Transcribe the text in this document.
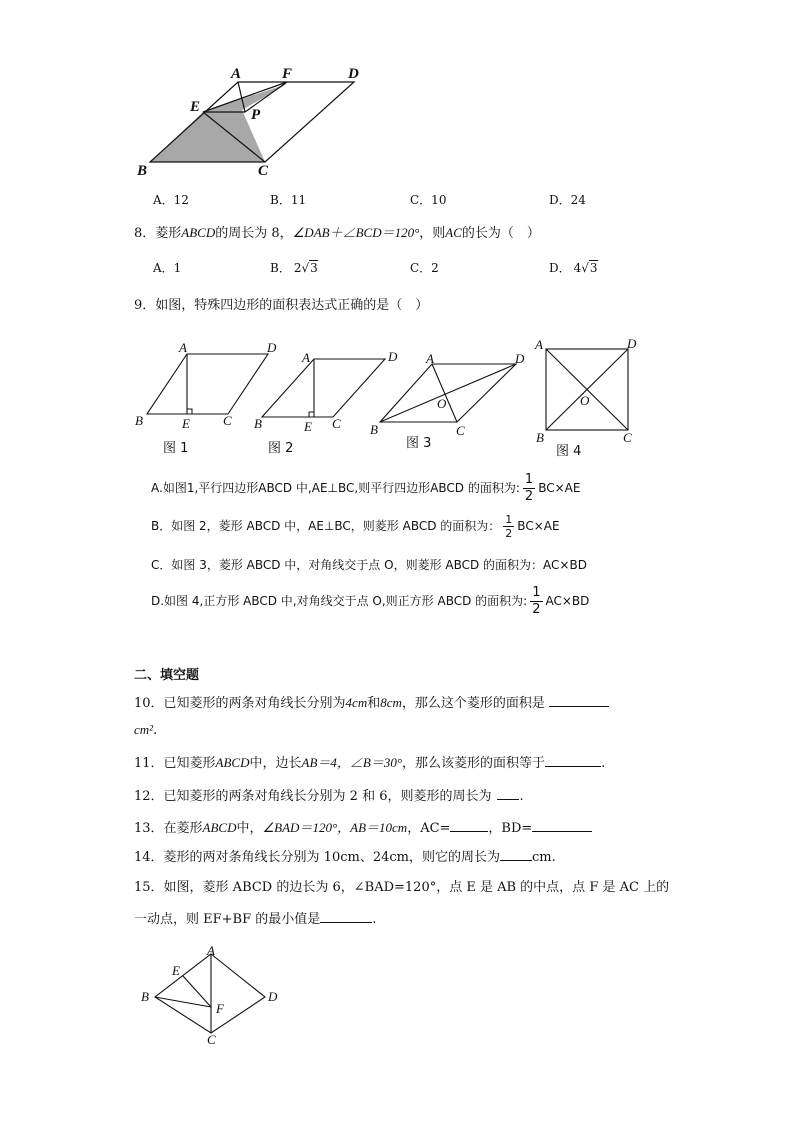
A	F	D
E	P
B	C
A．12	B．11	C．10	D．24
8．菱形ABCD的周长为 8，∠DAB＋∠BCD＝120°，则AC的长为（　）
A．1	B． 2√3	C．2	D． 4√3
9．如图，特殊四边形的面积表达式正确的是（　）
A	D
B	E	C
图 1
A	D
B	E C
图 2
A	D
O
B	C
图 3
A	D
O
B	C
图 4
A.如图1,平行四边形ABCD 中,AE⊥BC,则平行四边形ABCD 的面积为: $\frac{1}{2} BC\times AE$
B．如图 2，菱形 ABCD 中，AE⊥BC，则菱形 ABCD 的面积为： $\frac{1}{2} BC\times AE$
C．如图 3，菱形 ABCD 中，对角线交于点 O，则菱形 ABCD 的面积为：AC×BD
D.如图 4,正方形 ABCD 中,对角线交于点 O,则正方形 ABCD 的面积为: $\frac{1}{2} AC\times BD$
二、填空题
10．已知菱形的两条对角线长分别为4cm和8cm，那么这个菱形的面积是
cm².
11．已知菱形ABCD中，边长AB＝4，∠B＝30°，那么该菱形的面积等于	.
12．已知菱形的两条对角线长分别为 2 和 6，则菱形的周长为 .
13．在菱形ABCD中，∠BAD＝120°，AB＝10cm，AC=	，BD=
14．菱形的两对条角线长分别为 10cm、24cm，则它的周长为 cm.
15．如图，菱形 ABCD 的边长为 6，∠BAD=120°，点 E 是 AB 的中点，点 F 是 AC 上的
一动点，则 EF+BF 的最小值是	.
A
E
B	D
F
C
